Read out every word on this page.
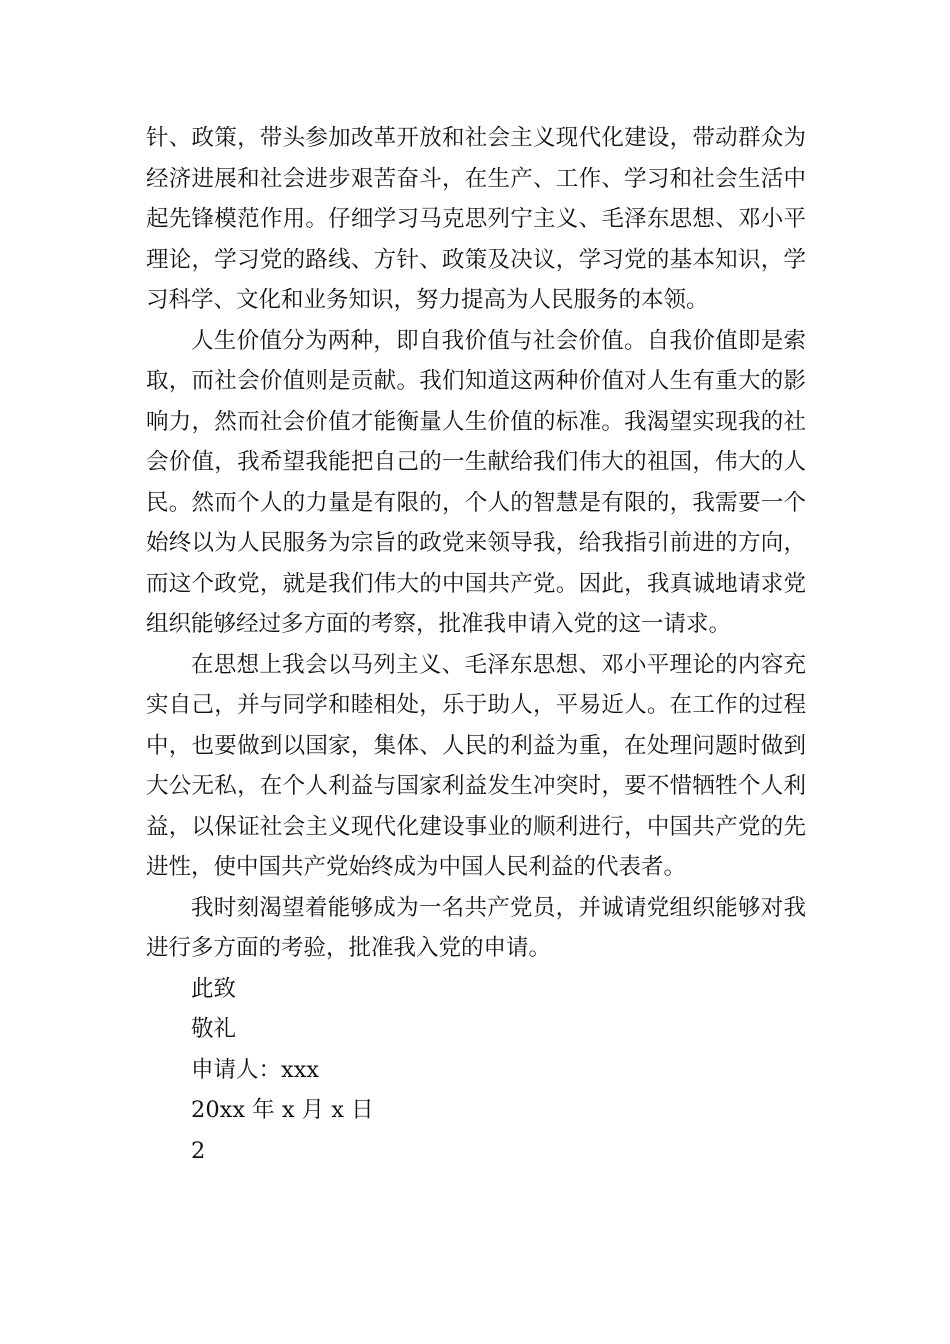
针、政策，带头参加改革开放和社会主义现代化建设，带动群众为经济进展和社会进步艰苦奋斗，在生产、工作、学习和社会生活中起先锋模范作用。仔细学习马克思列宁主义、毛泽东思想、邓小平理论，学习党的路线、方针、政策及决议，学习党的基本知识，学习科学、文化和业务知识，努力提高为人民服务的本领。

人生价值分为两种，即自我价值与社会价值。自我价值即是索取，而社会价值则是贡献。我们知道这两种价值对人生有重大的影响力，然而社会价值才能衡量人生价值的标准。我渴望实现我的社会价值，我希望我能把自己的一生献给我们伟大的祖国，伟大的人民。然而个人的力量是有限的，个人的智慧是有限的，我需要一个始终以为人民服务为宗旨的政党来领导我，给我指引前进的方向，而这个政党，就是我们伟大的中国共产党。因此，我真诚地请求党组织能够经过多方面的考察，批准我申请入党的这一请求。

在思想上我会以马列主义、毛泽东思想、邓小平理论的内容充实自己，并与同学和睦相处，乐于助人，平易近人。在工作的过程中，也要做到以国家，集体、人民的利益为重，在处理问题时做到大公无私，在个人利益与国家利益发生冲突时，要不惜牺牲个人利益，以保证社会主义现代化建设事业的顺利进行，中国共产党的先进性，使中国共产党始终成为中国人民利益的代表者。

我时刻渴望着能够成为一名共产党员，并诚请党组织能够对我进行多方面的考验，批准我入党的申请。

此致
敬礼
申请人：xxx
20xx 年 x 月 x 日
2
